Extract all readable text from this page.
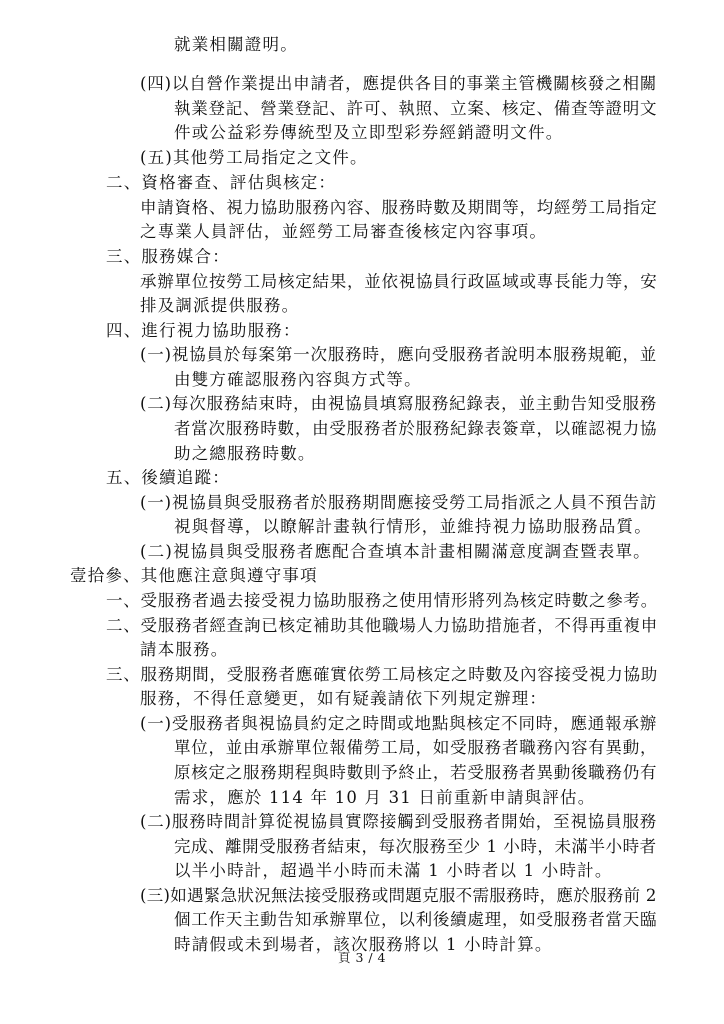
就業相關證明。
(四)以自營作業提出申請者，應提供各目的事業主管機關核發之相關
執業登記、營業登記、許可、執照、立案、核定、備查等證明文
件或公益彩券傳統型及立即型彩券經銷證明文件。
(五)其他勞工局指定之文件。
二、資格審查、評估與核定：
申請資格、視力協助服務內容、服務時數及期間等，均經勞工局指定
之專業人員評估，並經勞工局審查後核定內容事項。
三、服務媒合：
承辦單位按勞工局核定結果，並依視協員行政區域或專長能力等，安
排及調派提供服務。
四、進行視力協助服務：
(一)視協員於每案第一次服務時，應向受服務者說明本服務規範，並
由雙方確認服務內容與方式等。
(二)每次服務結束時，由視協員填寫服務紀錄表，並主動告知受服務
者當次服務時數，由受服務者於服務紀錄表簽章，以確認視力協
助之總服務時數。
五、後續追蹤：
(一)視協員與受服務者於服務期間應接受勞工局指派之人員不預告訪
視與督導，以瞭解計畫執行情形，並維持視力協助服務品質。
(二)視協員與受服務者應配合查填本計畫相關滿意度調查暨表單。
壹拾參、其他應注意與遵守事項
一、受服務者過去接受視力協助服務之使用情形將列為核定時數之參考。
二、受服務者經查詢已核定補助其他職場人力協助措施者，不得再重複申
請本服務。
三、服務期間，受服務者應確實依勞工局核定之時數及內容接受視力協助
服務，不得任意變更，如有疑義請依下列規定辦理：
(一)受服務者與視協員約定之時間或地點與核定不同時，應通報承辦
單位，並由承辦單位報備勞工局，如受服務者職務內容有異動，
原核定之服務期程與時數則予終止，若受服務者異動後職務仍有
需求，應於 114 年 10 月 31 日前重新申請與評估。
(二)服務時間計算從視協員實際接觸到受服務者開始，至視協員服務
完成、離開受服務者結束，每次服務至少 1 小時，未滿半小時者
以半小時計，超過半小時而未滿 1 小時者以 1 小時計。
(三)如遇緊急狀況無法接受服務或問題克服不需服務時，應於服務前 2
個工作天主動告知承辦單位，以利後續處理，如受服務者當天臨
時請假或未到場者，該次服務將以 1 小時計算。
頁 3 / 4
